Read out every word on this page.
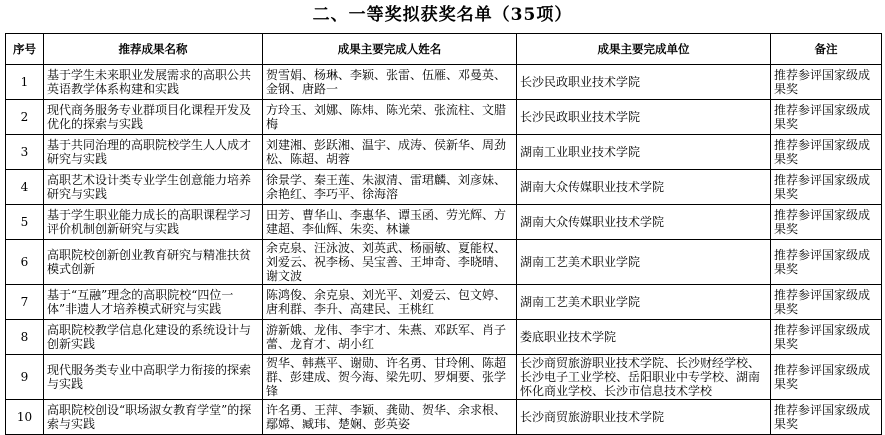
二、一等奖拟获奖名单（35项）
序号	推荐成果名称	成果主要完成人姓名	成果主要完成单位	备注
1	基于学生未来职业发展需求的高职公共英语教学体系构建和实践	贺雪娟、杨琳、李颖、张雷、伍雁、邓曼英、金钢、唐路一	长沙民政职业技术学院	推荐参评国家级成果奖
2	现代商务服务专业群项目化课程开发及优化的探索与实践	方玲玉、刘娜、陈炜、陈光荣、张流柱、文腊梅	长沙民政职业技术学院	推荐参评国家级成果奖
3	基于共同治理的高职院校学生人人成才研究与实践	刘建湘、彭跃湘、温宇、成涛、侯新华、周劲松、陈超、胡蓉	湖南工业职业技术学院	推荐参评国家级成果奖
4	高职艺术设计类专业学生创意能力培养研究与实践	徐景学、秦王莲、朱淑清、雷珺麟、刘彦妹、余艳红、李巧平、徐海溶	湖南大众传媒职业技术学院	推荐参评国家级成果奖
5	基于学生职业能力成长的高职课程学习评价机制创新研究与实践	田芳、曹华山、李惠华、谭玉函、劳光辉、方建超、李仙辉、朱奕、林谦	湖南大众传媒职业技术学院	推荐参评国家级成果奖
6	高职院校创新创业教育研究与精准扶贫模式创新	余克泉、汪泳波、刘英武、杨丽敏、夏能权、刘爱云、祝李杨、吴宝善、王坤奇、李晓晴、谢文波	湖南工艺美术职业学院	推荐参评国家级成果奖
7	基于“互融”理念的高职院校“四位一体”非遗人才培养模式研究与实践	陈鸿俊、余克泉、刘光平、刘爱云、包文婷、唐利群、李升、高建民、王桃红	湖南工艺美术职业学院	推荐参评国家级成果奖
8	高职院校教学信息化建设的系统设计与创新实践	游新娥、龙伟、李宇才、朱燕、邓跃军、肖子蕾、龙育才、胡小红	娄底职业技术学院	推荐参评国家级成果奖
9	现代服务类专业中高职学力衔接的探索与实践	贺华、韩燕平、谢勋、许名勇、甘玲俐、陈超群、彭建成、贺今海、梁先叨、罗炯要、张学锋	长沙商贸旅游职业技术学院、长沙财经学校、长沙电子工业学校、岳阳职业中专学校、湖南怀化商业学校、长沙市信息技术学校	推荐参评国家级成果奖
10	高职院校创设“职场淑女教育学堂”的探索与实践	许名勇、王萍、李颖、龚勋、贺华、余求根、鄢嫦、臧玮、楚娴、彭英姿	长沙商贸旅游职业技术学院	推荐参评国家级成果奖
